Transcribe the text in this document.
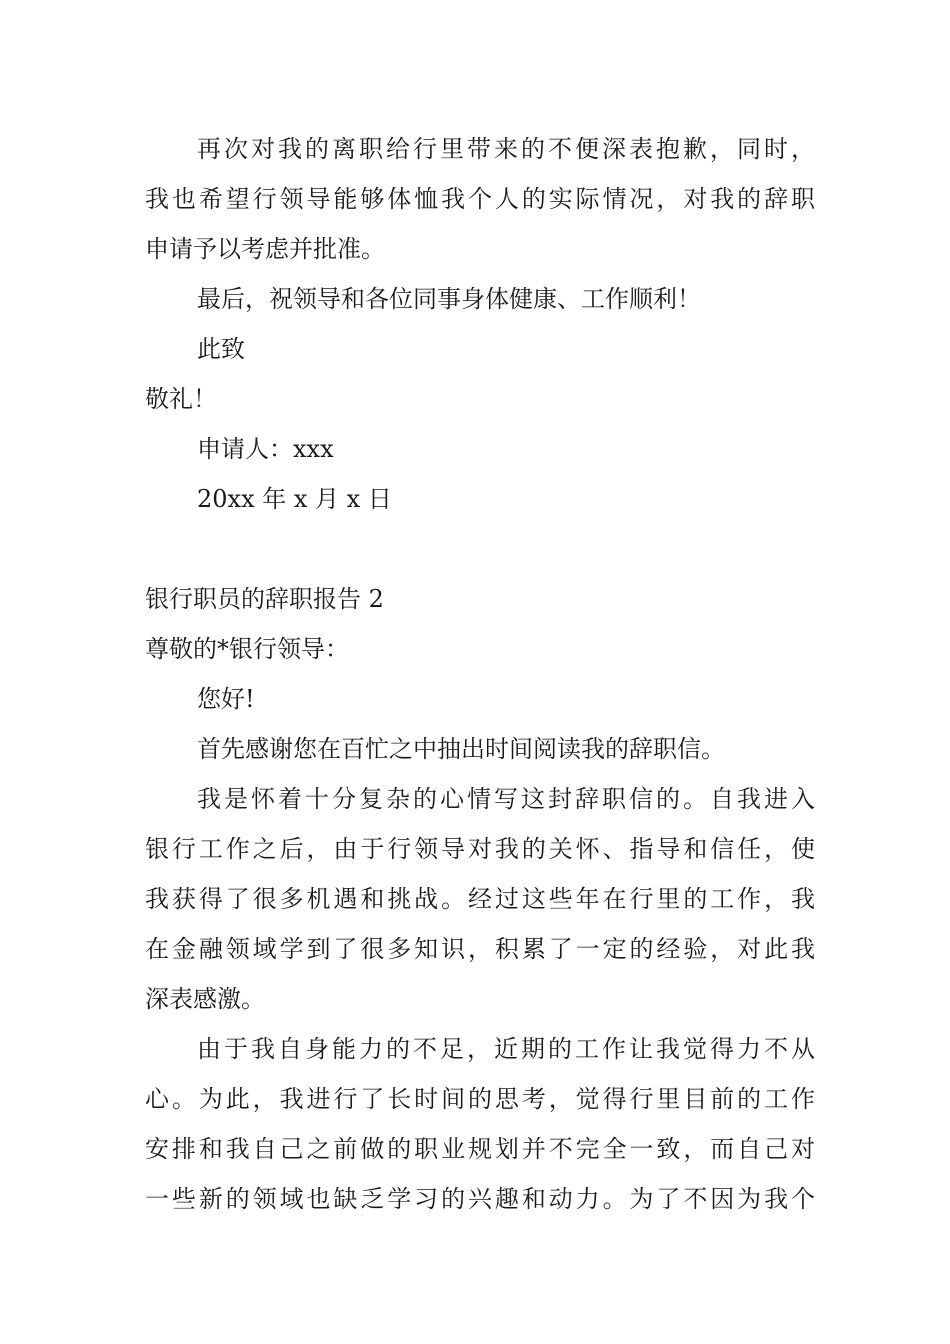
再次对我的离职给行里带来的不便深表抱歉，同时，
我也希望行领导能够体恤我个人的实际情况，对我的辞职
申请予以考虑并批准。
最后，祝领导和各位同事身体健康、工作顺利！
此致
敬礼！
申请人：xxx
20xx 年 x 月 x 日
银行职员的辞职报告 2
尊敬的*银行领导：
您好!
首先感谢您在百忙之中抽出时间阅读我的辞职信。
我是怀着十分复杂的心情写这封辞职信的。自我进入
银行工作之后，由于行领导对我的关怀、指导和信任，使
我获得了很多机遇和挑战。经过这些年在行里的工作，我
在金融领域学到了很多知识，积累了一定的经验，对此我
深表感激。
由于我自身能力的不足，近期的工作让我觉得力不从
心。为此，我进行了长时间的思考，觉得行里目前的工作
安排和我自己之前做的职业规划并不完全一致，而自己对
一些新的领域也缺乏学习的兴趣和动力。为了不因为我个
